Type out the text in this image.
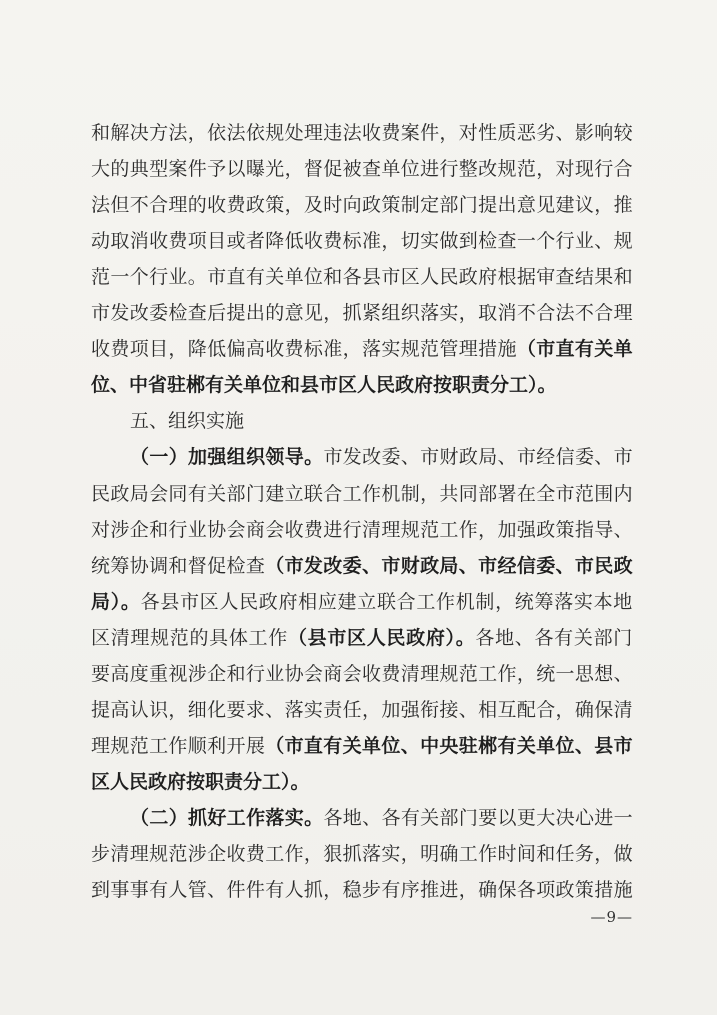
和解决方法，依法依规处理违法收费案件，对性质恶劣、影响较
大的典型案件予以曝光，督促被查单位进行整改规范，对现行合
法但不合理的收费政策，及时向政策制定部门提出意见建议，推
动取消收费项目或者降低收费标准，切实做到检查一个行业、规
范一个行业。市直有关单位和各县市区人民政府根据审查结果和
市发改委检查后提出的意见，抓紧组织落实，取消不合法不合理
收费项目，降低偏高收费标准，落实规范管理措施（市直有关单
位、中省驻郴有关单位和县市区人民政府按职责分工）。
五、组织实施
（一）加强组织领导。市发改委、市财政局、市经信委、市
民政局会同有关部门建立联合工作机制，共同部署在全市范围内
对涉企和行业协会商会收费进行清理规范工作，加强政策指导、
统筹协调和督促检查（市发改委、市财政局、市经信委、市民政
局）。各县市区人民政府相应建立联合工作机制，统筹落实本地
区清理规范的具体工作（县市区人民政府）。各地、各有关部门
要高度重视涉企和行业协会商会收费清理规范工作，统一思想、
提高认识，细化要求、落实责任，加强衔接、相互配合，确保清
理规范工作顺利开展（市直有关单位、中央驻郴有关单位、县市
区人民政府按职责分工）。
（二）抓好工作落实。各地、各有关部门要以更大决心进一
步清理规范涉企收费工作，狠抓落实，明确工作时间和任务，做
到事事有人管、件件有人抓，稳步有序推进，确保各项政策措施
—9—
